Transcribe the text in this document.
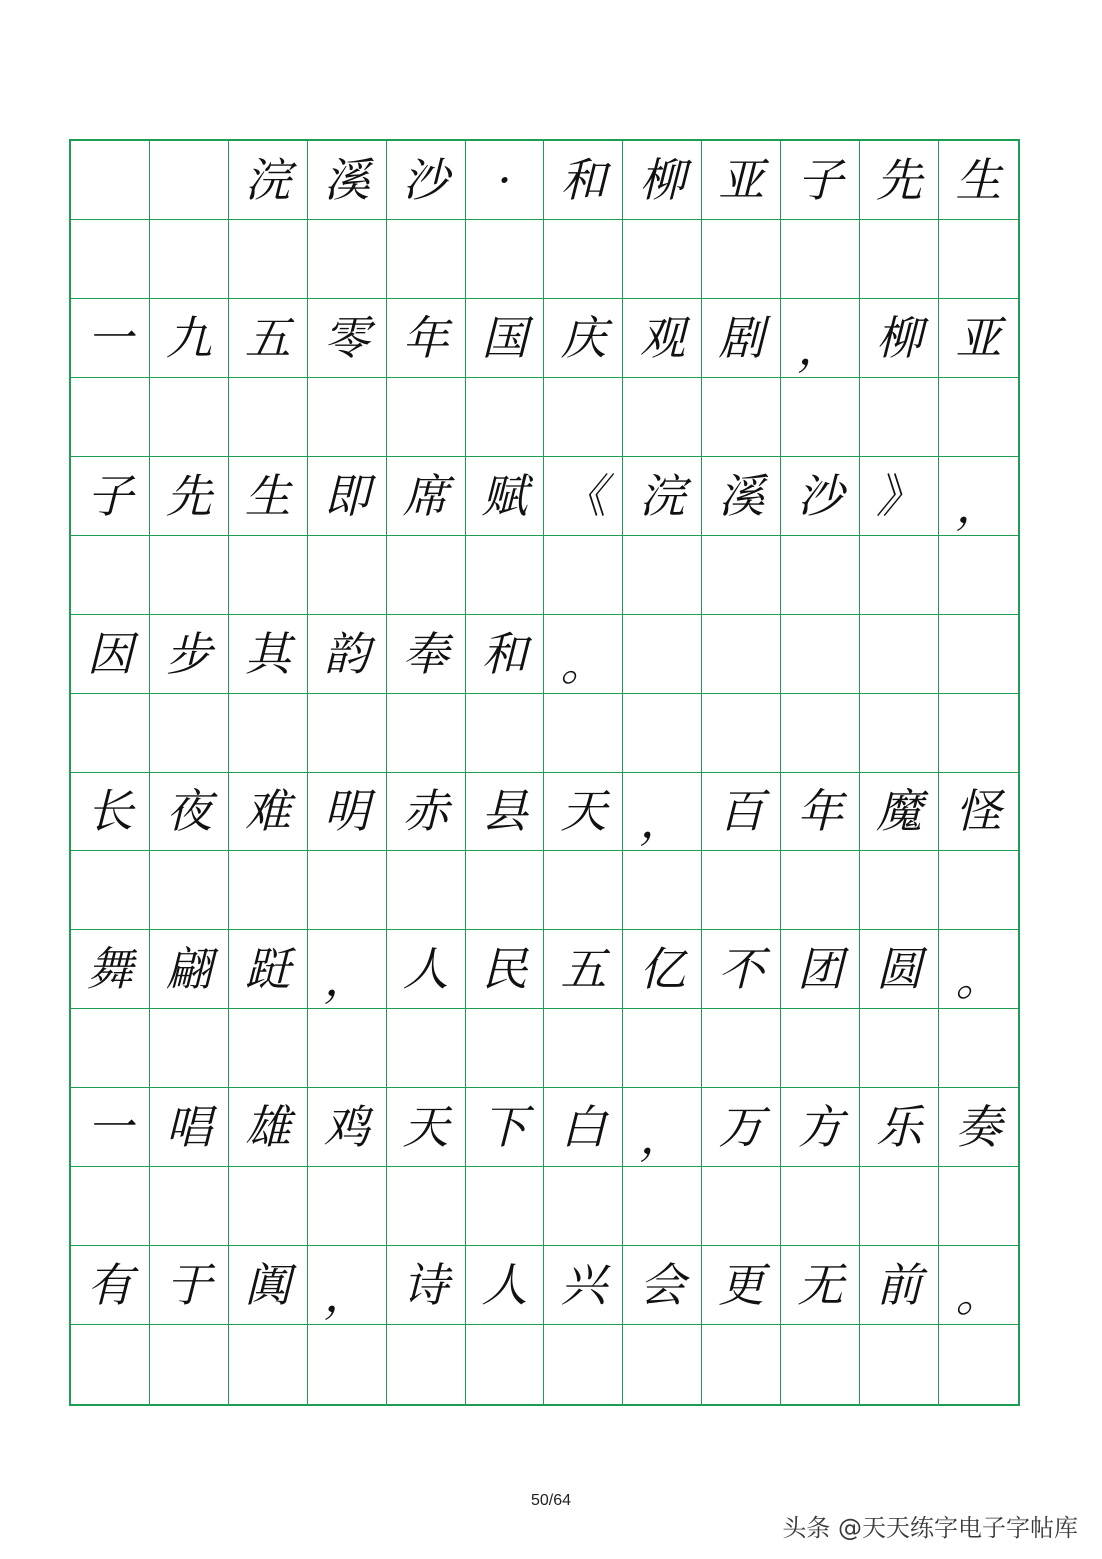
浣 溪 沙	·	和 柳 亚 子 先 生
一 九 五 零 年 国 庆 观 剧 ， 柳 亚
子 先 生 即 席 赋 《 浣 溪 沙 》 ，
因 步 其 韵 奉 和 。
长 夜 难 明 赤 县 天 ， 百 年 魔 怪
舞 翩 跹 ， 人 民 五 亿 不 团 圆 。
一 唱 雄 鸡 天 下 白 ， 万 方 乐 奏
有 于 阗 ， 诗 人 兴 会 更 无 前 。
50/64
头条 @天天练字电子字帖库
